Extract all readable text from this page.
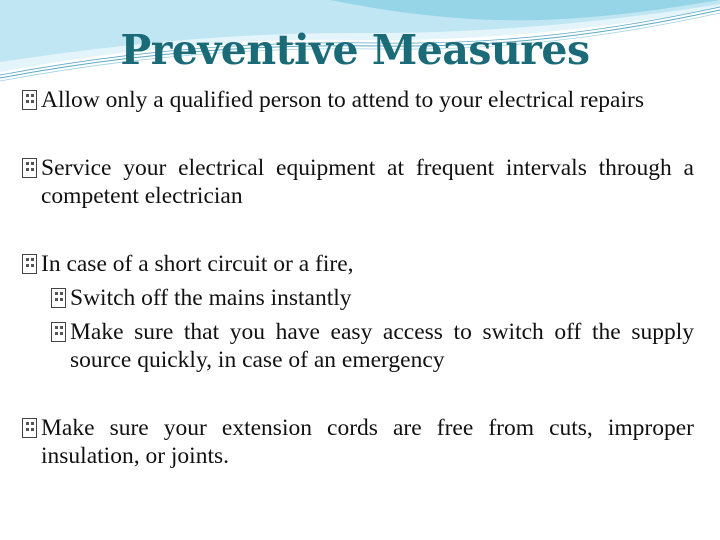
Preventive Measures
Allow only a qualified person to attend to your electrical repairs
Service your electrical equipment at frequent intervals through a competent electrician
In case of a short circuit or a fire,
Switch off the mains instantly
Make sure that you have easy access to switch off the supply source quickly, in case of an emergency
Make sure your extension cords are free from cuts, improper insulation, or joints.
